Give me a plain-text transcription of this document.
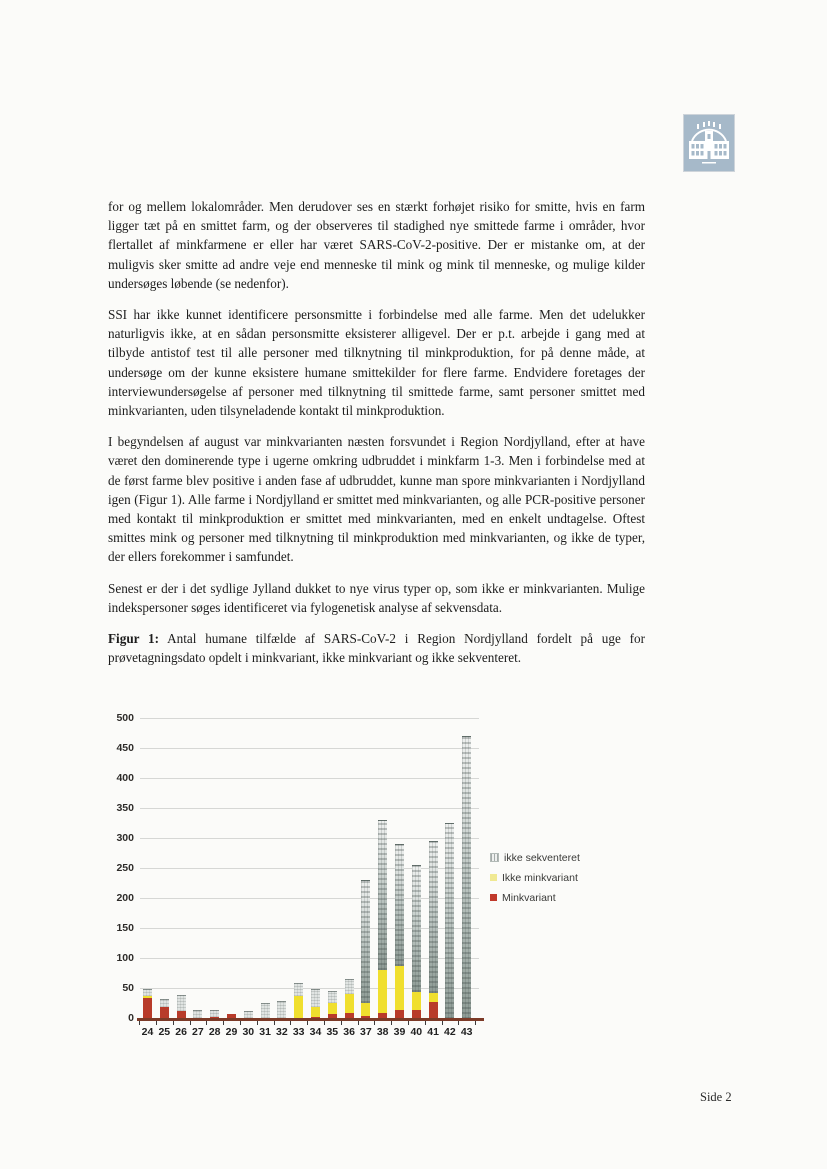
for og mellem lokalområder. Men derudover ses en stærkt forhøjet risiko for smitte, hvis en farm ligger tæt på en smittet farm, og der observeres til stadighed nye smittede farme i områder, hvor flertallet af minkfarmene er eller har været SARS-CoV-2-positive. Der er mistanke om, at der muligvis sker smitte ad andre veje end menneske til mink og mink til menneske, og mulige kilder undersøges løbende (se nedenfor).

SSI har ikke kunnet identificere personsmitte i forbindelse med alle farme. Men det udelukker naturligvis ikke, at en sådan personsmitte eksisterer alligevel. Der er p.t. arbejde i gang med at tilbyde antistof test til alle personer med tilknytning til minkproduktion, for på denne måde, at undersøge om der kunne eksistere humane smittekilder for flere farme. Endvidere foretages der interviewundersøgelse af personer med tilknytning til smittede farme, samt personer smittet med minkvarianten, uden tilsyneladende kontakt til minkproduktion.

I begyndelsen af august var minkvarianten næsten forsvundet i Region Nordjylland, efter at have været den dominerende type i ugerne omkring udbruddet i minkfarm 1-3. Men i forbindelse med at de først farme blev positive i anden fase af udbruddet, kunne man spore minkvarianten i Nordjylland igen (Figur 1). Alle farme i Nordjylland er smittet med minkvarianten, og alle PCR-positive personer med kontakt til minkproduktion er smittet med minkvarianten, med en enkelt undtagelse. Oftest smittes mink og personer med tilknytning til minkproduktion med minkvarianten, og ikke de typer, der ellers forekommer i samfundet.

Senest er der i det sydlige Jylland dukket to nye virus typer op, som ikke er minkvarianten. Mulige indekspersoner søges identificeret via fylogenetisk analyse af sekvensdata.

Figur 1: Antal humane tilfælde af SARS-CoV-2 i Region Nordjylland fordelt på uge for prøvetagningsdato opdelt i minkvariant, ikke minkvariant og ikke sekventeret.

ikke sekventeret
Ikke minkvariant
Minkvariant
0
50
100
150
200
250
300
350
400
450
500
24 25 26 27 28 29 30 31 32 33 34 35 36 37 38 39 40 41 42 43
Side 2
